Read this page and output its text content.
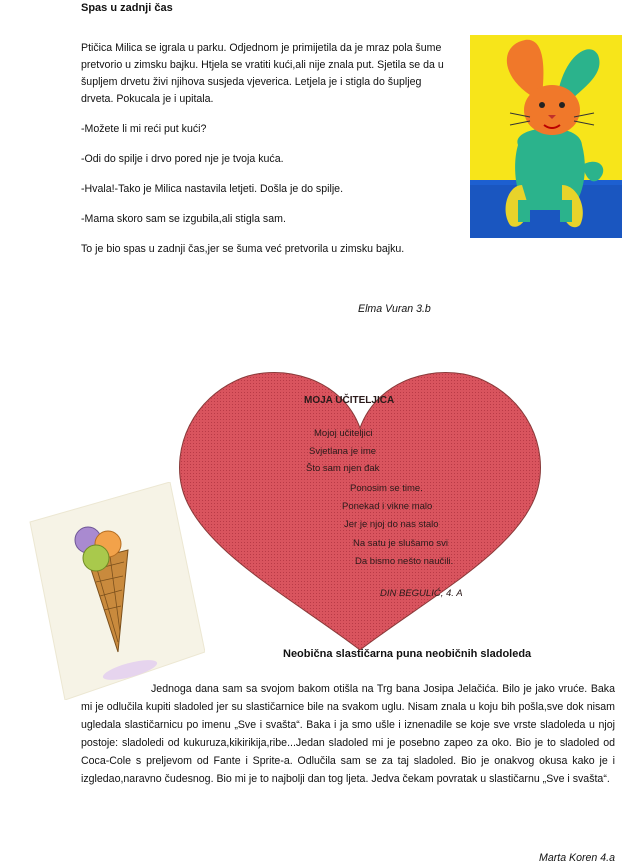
Spas u zadnji čas

Ptičica Milica se igrala u parku. Odjednom je primijetila da je mraz pola šume pretvorio u zimsku bajku. Htjela se vratiti kući,ali nije znala put. Sjetila se da u šupljem drvetu živi njihova susjeda vjeverica. Letjela je i stigla do šupljeg drveta. Pokucala je i upitala.

-Možete li mi reći put kući?

-Odi do spilje i drvo pored nje je tvoja kuća.

-Hvala!-Tako je Milica nastavila letjeti. Došla je do spilje.

-Mama skoro sam se izgubila,ali stigla sam.

To je bio spas u zadnji čas,jer se šuma već pretvorila u zimsku bajku.

Elma Vuran 3.b
MOJA UČITELJICA
Mojoj učiteljici
Svjetlana je ime
Što sam njen đak
Ponosim se time.
Ponekad i vikne malo
Jer je njoj do nas stalo
Na satu je slušamo svi
Da bismo nešto naučili.
DIN BEGULIĆ, 4. A
Neobična slastičarna puna neobičnih sladoleda
Jednoga dana sam sa svojom bakom otišla na Trg bana Josipa Jelačića. Bilo je jako vruće. Baka mi je odlučila kupiti sladoled jer su slastičarnice bile na svakom uglu. Nisam znala u koju bih pošla,sve dok nisam ugledala slastičarnicu po imenu „Sve i svašta“. Baka i ja smo ušle i iznenadile se koje sve vrste sladoleda u njoj postoje: sladoledi od kukuruza,kikirikija,ribe...Jedan sladoled mi je posebno zapeo za oko. Bio je to sladoled od Coca-Cole s preljevom od Fante i Sprite-a. Odlučila sam se za taj sladoled. Bio je onakvog okusa kako je i izgledao,naravno čudesnog. Bio mi je to najbolji dan tog ljeta. Jedva čekam povratak u slastičarnu „Sve i svašta“.
Marta Koren 4.a
